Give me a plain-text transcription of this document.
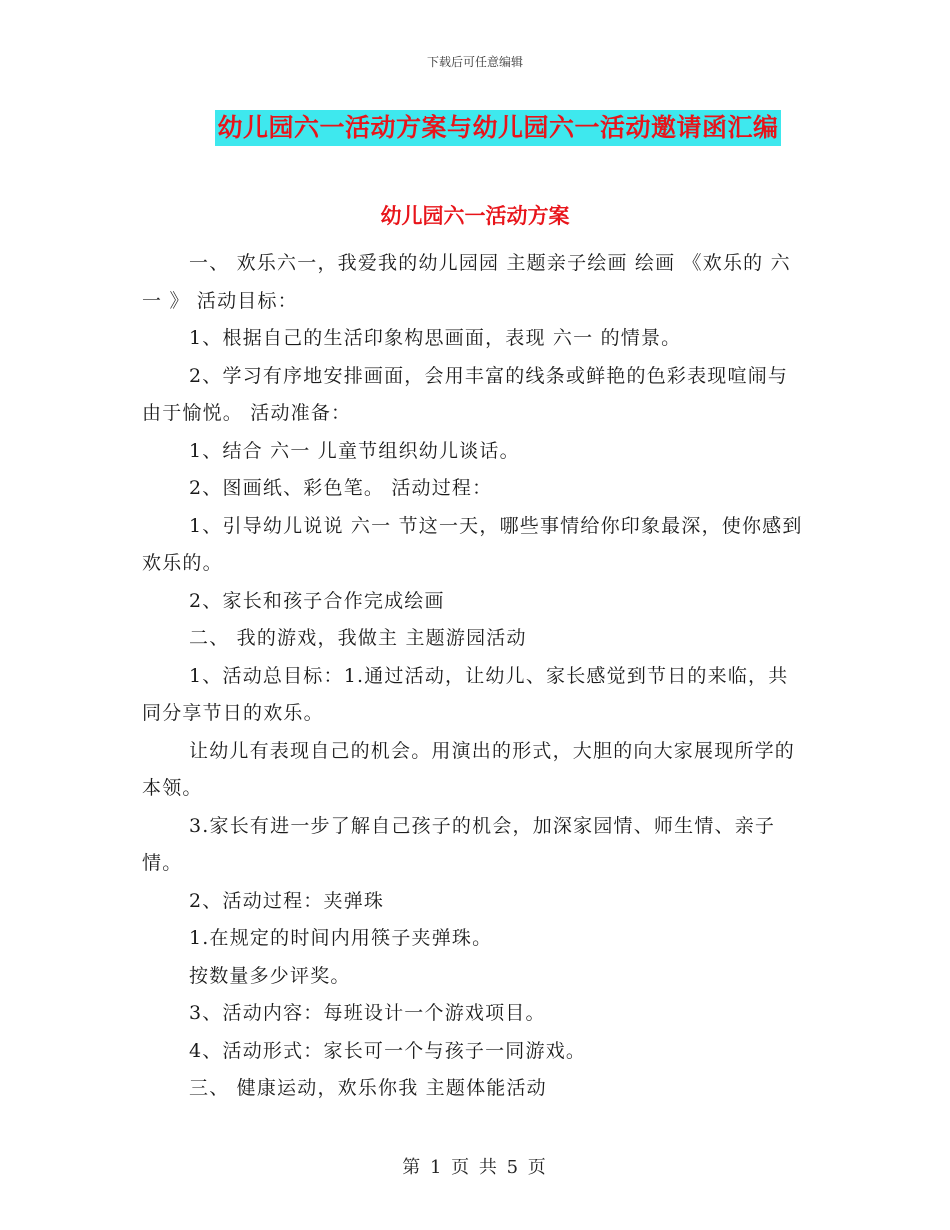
下载后可任意编辑
幼儿园六一活动方案与幼儿园六一活动邀请函汇编
幼儿园六一活动方案

一、 欢乐六一，我爱我的幼儿园园 主题亲子绘画 绘画 《欢乐的 六一 》 活动目标：

1、根据自己的生活印象构思画面，表现 六一 的情景。

2、学习有序地安排画面，会用丰富的线条或鲜艳的色彩表现喧闹与由于愉悦。 活动准备：

1、结合 六一 儿童节组织幼儿谈话。

2、图画纸、彩色笔。 活动过程：

1、引导幼儿说说 六一 节这一天，哪些事情给你印象最深，使你感到欢乐的。

2、家长和孩子合作完成绘画

二、 我的游戏，我做主 主题游园活动

1、活动总目标：1.通过活动，让幼儿、家长感觉到节日的来临，共同分享节日的欢乐。

让幼儿有表现自己的机会。用演出的形式，大胆的向大家展现所学的本领。

3.家长有进一步了解自己孩子的机会，加深家园情、师生情、亲子情。

2、活动过程：夹弹珠

1.在规定的时间内用筷子夹弹珠。

按数量多少评奖。

3、活动内容：每班设计一个游戏项目。

4、活动形式：家长可一个与孩子一同游戏。

三、 健康运动，欢乐你我 主题体能活动

第 1 页 共 5 页
